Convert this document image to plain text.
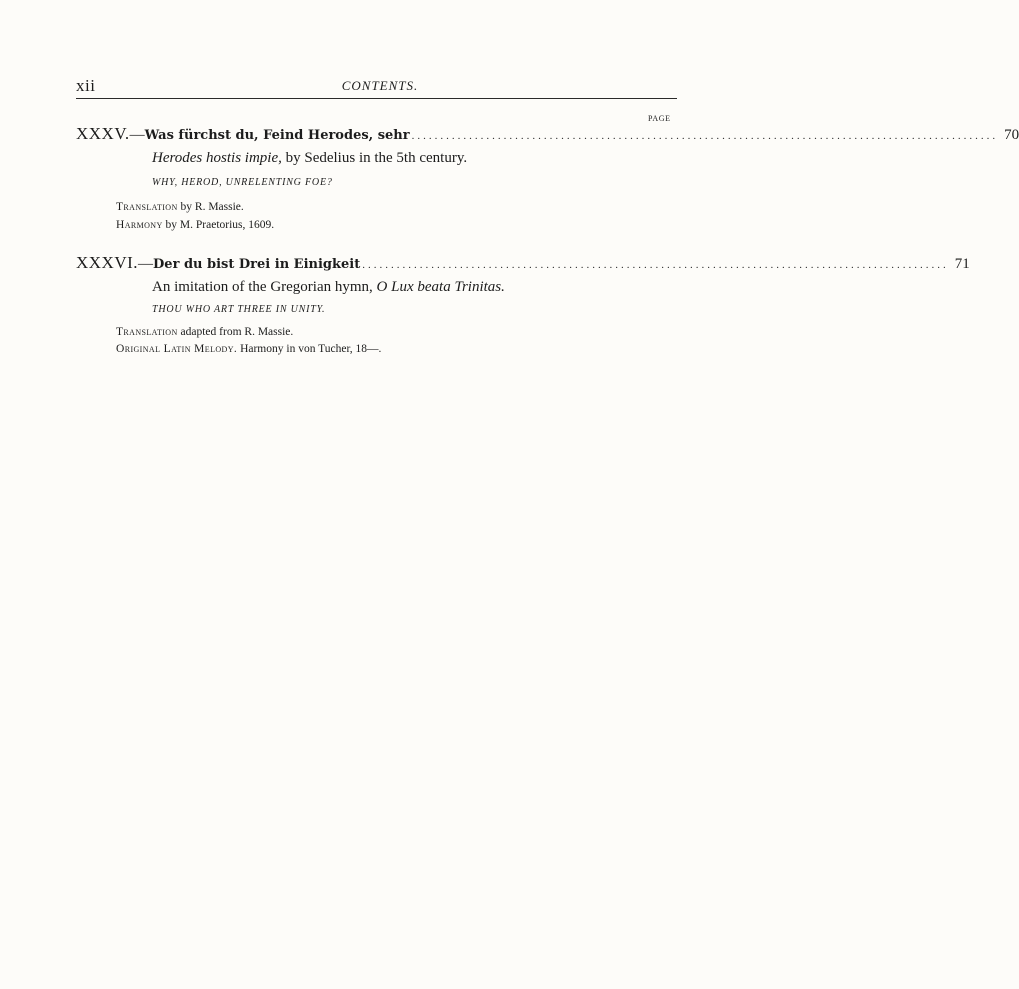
xii	CONTENTS.
PAGE
XXXV. — Was fürchst du, Feind Herodes, sehr ...................................................................................................... 70
Herodes hostis impie, by Sedelius in the 5th century.
WHY, HEROD, UNRELENTING FOE?
Translation by R. Massie.
Harmony by M. Praetorius, 1609.
XXXVI. — Der du bist Drei in Einigkeit ...................................................................................................... 71
An imitation of the Gregorian hymn, O Lux beata Trinitas.
THOU WHO ART THREE IN UNITY.
Translation adapted from R. Massie.
Original Latin Melody. Harmony in von Tucher, 18—.
